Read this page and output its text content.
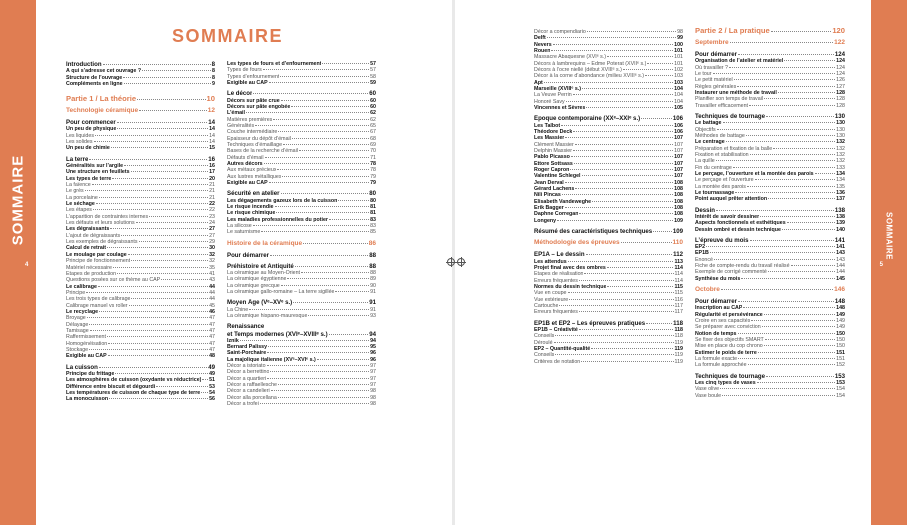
SOMMAIRE
4
SOMMAIRE
Introduction	8
À qui s’adresse cet ouvrage ?	8
Structure de l’ouvrage	8
Compléments en ligne	9
Partie 1 / La théorie	10
Technologie céramique	12
Pour commencer	14
Un peu de physique	14
Les liquides	14
Les solides	14
Un peu de chimie	15
La terre	16
Généralités sur l’argile	16
Une structure en feuillets	17
Les types de terre	20
La faïence	21
Le grès	21
La porcelaine	21
Le séchage	22
Les étapes	22
L’apparition de contraintes internes	23
Les défauts et leurs solutions	24
Les dégraissants	27
L’ajout de dégraissants	27
Les exemples de dégraissants	29
Calcul de retrait	30
Le moulage par coulage	32
Principe de fonctionnement	32
Matériel nécessaire	35
Étapes de production	41
Questions posées sur ce thème au CAP	43
Le calibrage	44
Principe	44
Les trois types de calibrage	44
Calibrage manuel vs roller	45
Le recyclage	46
Broyage	47
Délayage	47
Tamisage	47
Raffermissement	47
Homogénéisation	47
Stockage	47
Exigible au CAP	48
La cuisson	49
Principe du frittage	49
Les atmosphères de cuisson (oxydante vs réductrice) 51
Différence entre biscuit et dégourdi	53
Les températures de cuisson de chaque type de terre 54
La monocuisson	56
Les types de fours et d’enfournement	57
Types de fours	57
Types d’enfournement	58
Exigible au CAP	59
Le décor	60
Décors sur pâte crue	60
Décors sur pâte engobée	60
L’émail	62
Matières premières	62
Généralités	65
Couche intermédiaire	67
Épaisseur du dépôt d’émail	68
Techniques d’émaillage	69
Bases de la recherche d’émail	70
Défauts d’émail	71
Autres décors	78
Aux métaux précieux	78
Aux lustres métalliques	79
Exigible au CAP	79
Sécurité en atelier	80
Les dégagements gazeux lors de la cuisson	80
Le risque incendie	81
Le risque chimique	81
Les maladies professionnelles du potier	83
La silicose	83
Le saturnisme	85
Histoire de la céramique	86
Pour démarrer	88
Préhistoire et Antiquité	88
La céramique au Moyen-Orient	88
La céramique égyptienne	89
La céramique grecque	90
La céramique gallo-romaine – La terre sigillée	91
Moyen Âge (Vᵉ–XVᵉ s.)	91
La Chine	91
La céramique hispano-mauresque	93
Renaissance
et Temps modernes (XVIᵉ–XVIIIᵉ s.)	94
Iznik	94
Bernard Palissy	95
Saint-Porchaire	96
La majolique italienne (XVᵉ–XVIᵉ s.)	96
Décor a istoriato	97
Décor a berrettino	97
Décor a quartieri	97
Décor a raffaellesche	97
Décor a candelieri	98
Décor alla porcellana	98
Décor a trofei	98
Décor a compendiario	98
Delft	99
Nevers	100
Rouen	101
Massacre Abaquesne (XVIᵉ s.)	101
Décors à lambrequins – Edme Poterat (XVIIᵉ s.)	101
Décors à l’ocre niellé (début XVIIIᵉ s.)	102
Décor à la corne d’abondance (milieu XVIIIᵉ s.)	103
Apt	103
Marseille (XVIIIᵉ s.)	104
La Veuve Perrin	104
Honoré Savy	104
Vincennes et Sèvres	105
Époque contemporaine (XXᵉ–XXIᵉ s.)	106
Les Talbot	106
Théodore Deck	106
Les Massier	107
Clément Massier	107
Delphin Massier	107
Pablo Picasso	107
Ettore Sottsass	107
Roger Capron	107
Valentine Schlegel	107
Jean Derval	108
Gérard Lachens	108
Nili Pincas	108
Elisabeth Vandeweghe	108
Erik Bagger	108
Daphne Corregan	108
Longeny	109
Résumé des caractéristiques techniques	109
Méthodologie des épreuves	110
EP1A – Le dessin	112
Les attendus	113
Projet final avec des ombres	114
Étapes de réalisation	114
Erreurs fréquentes	114
Normes du dessin technique	115
Vue en coupe	115
Vue extérieure	116
Cartouche	117
Erreurs fréquentes	117
EP1B et EP2 – Les épreuves pratiques	118
EP1B – Créativité	118
Conseils	118
Déroulé	119
EP2 – Quantité-qualité	119
Conseils	119
Critères de notation	119
Partie 2 / La pratique	120
Septembre	122
Pour démarrer	124
Organisation de l’atelier et matériel	124
Où travailler ?	124
Le tour	124
Le petit matériel	126
Règles générales	127
Instaurer une méthode de travail	128
Planifier son temps de travail	128
Travailler efficacement	128
Techniques de tournage	130
Le battage	130
Objectifs	130
Méthodes de battage	130
Le centrage	132
Préparation et fixation de la balle	132
Fixation et stabilisation	132
La quille	132
Fin du centrage	133
Le perçage, l’ouverture et la montée des parois	134
Le perçage et l’ouverture	134
La montée des parois	135
Le tournassage	136
Point auquel prêter attention	137
Dessin	138
Intérêt de savoir dessiner	138
Aspects fonctionnels et esthétiques	139
Dessin ombré et dessin technique	140
L’épreuve du mois	141
EP2	141
EP1B	143
Énoncé	143
Fiche de compte-rendu du travail réalisé	144
Exemple de corrigé commenté	144
Synthèse du mois	145
Octobre	146
Pour démarrer	148
Inscription au CAP	148
Régularité et persévérance	149
Croire en ses capacités	149
Se préparer avec conviction	149
Notion de temps	150
Se fixer des objectifs SMART	150
Mise en place du cop chrono	150
Estimer le poids de terre	151
La formule exacte	151
La formule approchée	152
Techniques de tournage	153
Les cinq types de vases	153
Vase olive	154
Vase boule	154
SOMMAIRE
5
